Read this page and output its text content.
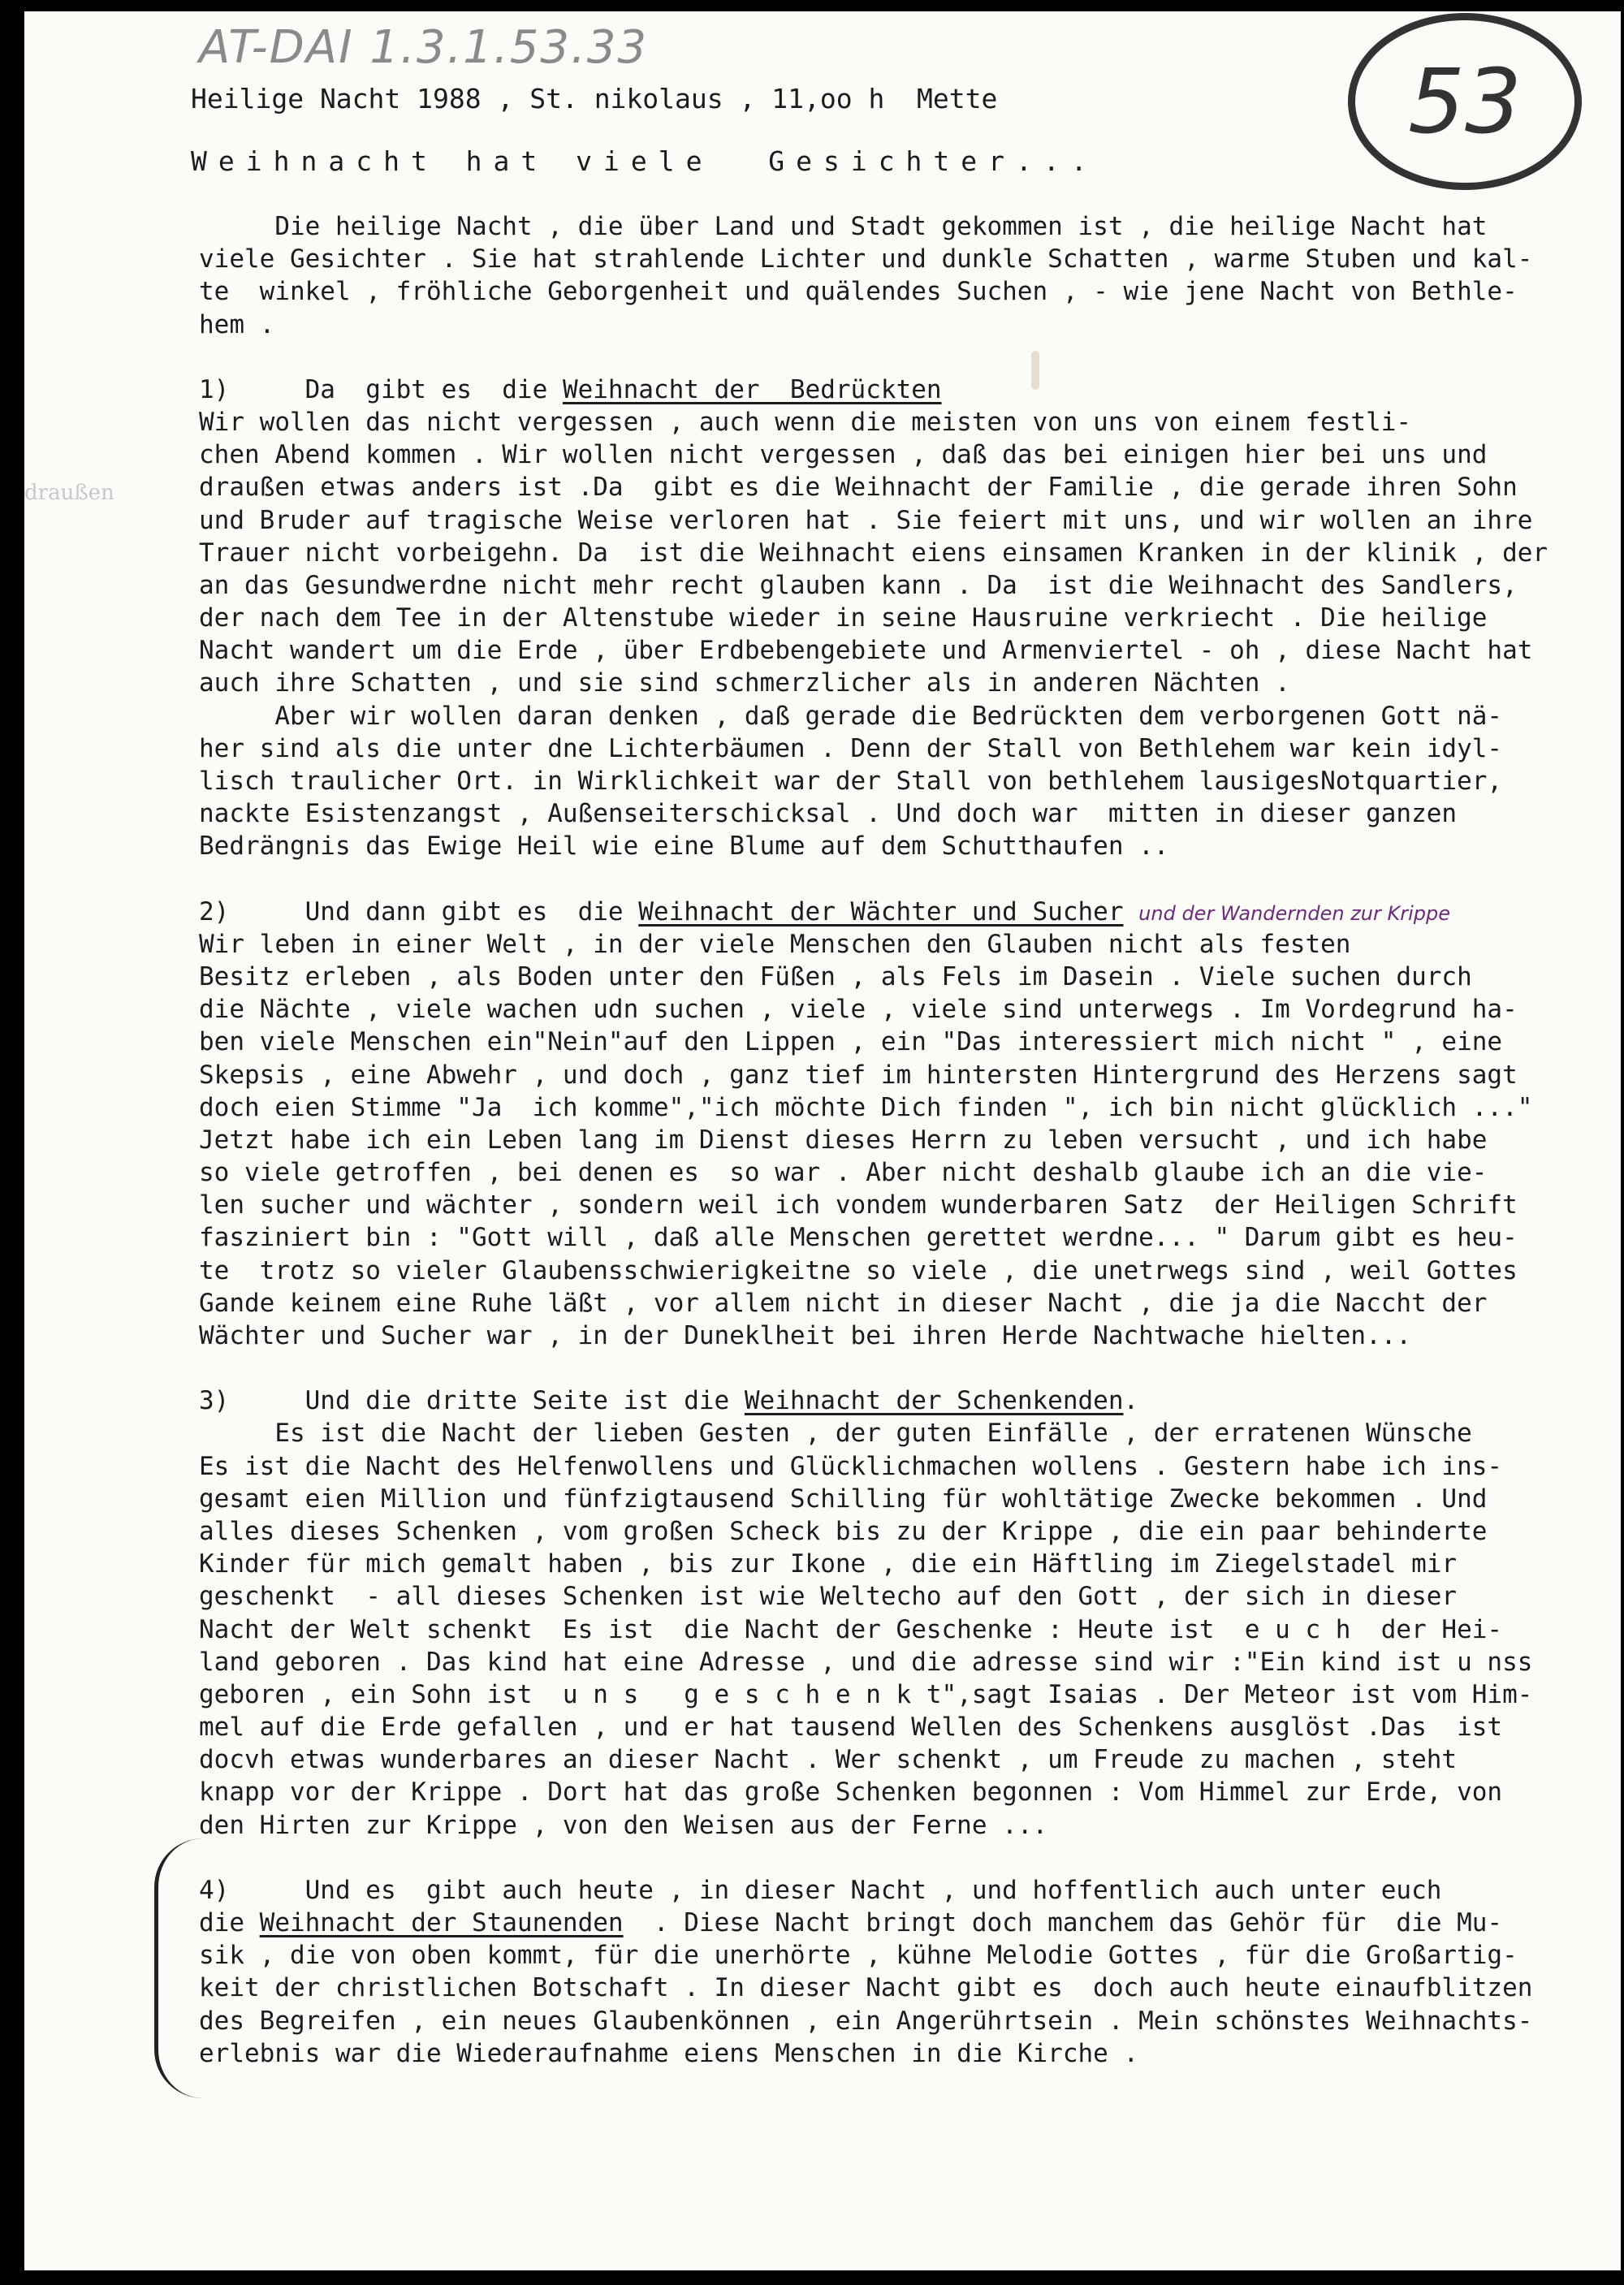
AT-DAI 1.3.1.53.33
53
draußen
Heilige Nacht 1988 , St. nikolaus , 11,oo h  Mette
Weihnacht hat viele  Gesichter...
Die heilige Nacht , die über Land und Stadt gekommen ist , die heilige Nacht hat
viele Gesichter . Sie hat strahlende Lichter und dunkle Schatten , warme Stuben und kal-
te  winkel , fröhliche Geborgenheit und quälendes Suchen , - wie jene Nacht von Bethle-
hem .
1)     Da  gibt es  die Weihnacht der  Bedrückten
Wir wollen das nicht vergessen , auch wenn die meisten von uns von einem festli-
chen Abend kommen . Wir wollen nicht vergessen , daß das bei einigen hier bei uns und
draußen etwas anders ist .Da  gibt es die Weihnacht der Familie , die gerade ihren Sohn
und Bruder auf tragische Weise verloren hat . Sie feiert mit uns, und wir wollen an ihre
Trauer nicht vorbeigehn. Da  ist die Weihnacht eiens einsamen Kranken in der klinik , der
an das Gesundwerdne nicht mehr recht glauben kann . Da  ist die Weihnacht des Sandlers,
der nach dem Tee in der Altenstube wieder in seine Hausruine verkriecht . Die heilige
Nacht wandert um die Erde , über Erdbebengebiete und Armenviertel - oh , diese Nacht hat
auch ihre Schatten , und sie sind schmerzlicher als in anderen Nächten .
Aber wir wollen daran denken , daß gerade die Bedrückten dem verborgenen Gott nä-
her sind als die unter dne Lichterbäumen . Denn der Stall von Bethlehem war kein idyl-
lisch traulicher Ort. in Wirklichkeit war der Stall von bethlehem lausigesNotquartier,
nackte Esistenzangst , Außenseiterschicksal . Und doch war  mitten in dieser ganzen
Bedrängnis das Ewige Heil wie eine Blume auf dem Schutthaufen ..
2)     Und dann gibt es  die Weihnacht der Wächter und Sucher und der Wandernden zur Krippe
Wir leben in einer Welt , in der viele Menschen den Glauben nicht als festen
Besitz erleben , als Boden unter den Füßen , als Fels im Dasein . Viele suchen durch
die Nächte , viele wachen udn suchen , viele , viele sind unterwegs . Im Vordegrund ha-
ben viele Menschen ein"Nein"auf den Lippen , ein "Das interessiert mich nicht " , eine
Skepsis , eine Abwehr , und doch , ganz tief im hintersten Hintergrund des Herzens sagt
doch eien Stimme "Ja  ich komme","ich möchte Dich finden ", ich bin nicht glücklich ..."
Jetzt habe ich ein Leben lang im Dienst dieses Herrn zu leben versucht , und ich habe
so viele getroffen , bei denen es  so war . Aber nicht deshalb glaube ich an die vie-
len sucher und wächter , sondern weil ich vondem wunderbaren Satz  der Heiligen Schrift
fasziniert bin : "Gott will , daß alle Menschen gerettet werdne... " Darum gibt es heu-
te  trotz so vieler Glaubensschwierigkeitne so viele , die unetrwegs sind , weil Gottes
Gande keinem eine Ruhe läßt , vor allem nicht in dieser Nacht , die ja die Naccht der
Wächter und Sucher war , in der Duneklheit bei ihren Herde Nachtwache hielten...
3)     Und die dritte Seite ist die Weihnacht der Schenkenden.
Es ist die Nacht der lieben Gesten , der guten Einfälle , der erratenen Wünsche
Es ist die Nacht des Helfenwollens und Glücklichmachen wollens . Gestern habe ich ins-
gesamt eien Million und fünfzigtausend Schilling für wohltätige Zwecke bekommen . Und
alles dieses Schenken , vom großen Scheck bis zu der Krippe , die ein paar behinderte
Kinder für mich gemalt haben , bis zur Ikone , die ein Häftling im Ziegelstadel mir
geschenkt  - all dieses Schenken ist wie Weltecho auf den Gott , der sich in dieser
Nacht der Welt schenkt  Es ist  die Nacht der Geschenke : Heute ist  e u c h  der Hei-
land geboren . Das kind hat eine Adresse , und die adresse sind wir :"Ein kind ist u nss
geboren , ein Sohn ist  u n s   g e s c h e n k t",sagt Isaias . Der Meteor ist vom Him-
mel auf die Erde gefallen , und er hat tausend Wellen des Schenkens ausglöst .Das  ist
docvh etwas wunderbares an dieser Nacht . Wer schenkt , um Freude zu machen , steht
knapp vor der Krippe . Dort hat das große Schenken begonnen : Vom Himmel zur Erde, von
den Hirten zur Krippe , von den Weisen aus der Ferne ...
4)     Und es  gibt auch heute , in dieser Nacht , und hoffentlich auch unter euch
die Weihnacht der Staunenden  . Diese Nacht bringt doch manchem das Gehör für  die Mu-
sik , die von oben kommt, für die unerhörte , kühne Melodie Gottes , für die Großartig-
keit der christlichen Botschaft . In dieser Nacht gibt es  doch auch heute einaufblitzen
des Begreifen , ein neues Glaubenkönnen , ein Angerührtsein . Mein schönstes Weihnachts-
erlebnis war die Wiederaufnahme eiens Menschen in die Kirche .
